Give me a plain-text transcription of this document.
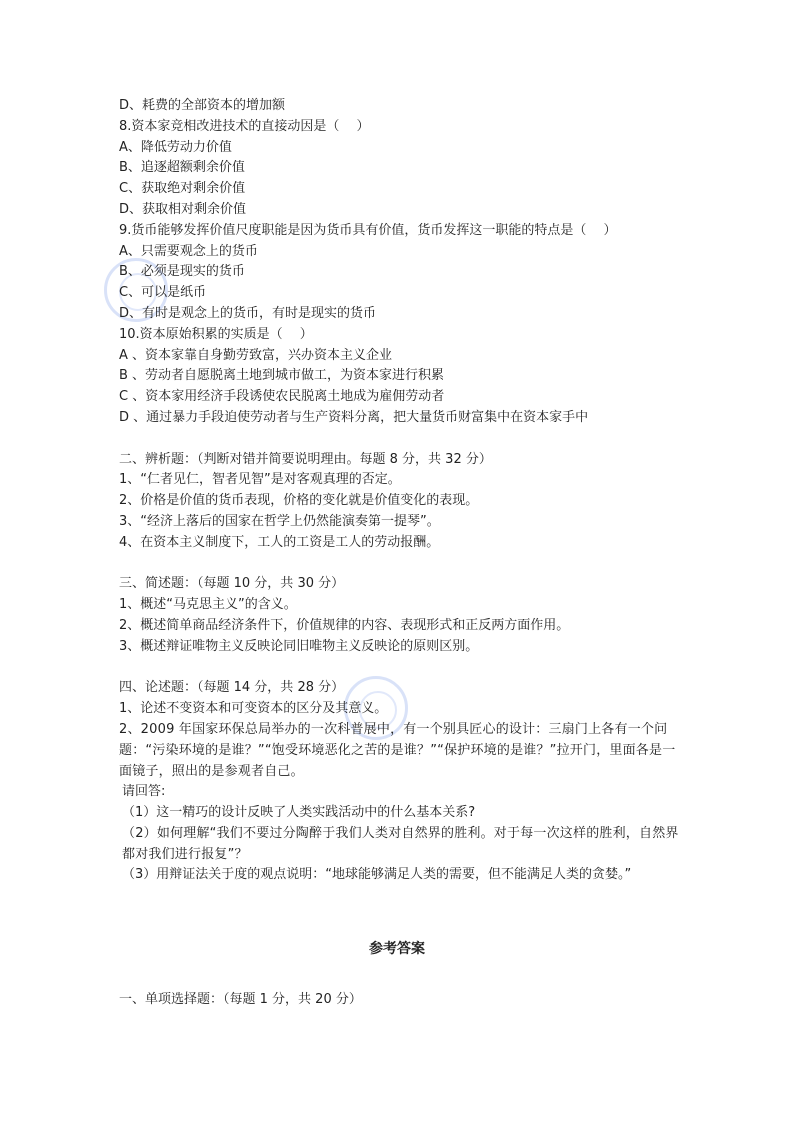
D、耗费的全部资本的增加额
8.资本家竞相改进技术的直接动因是（　 ）
A、降低劳动力价值
B、追逐超额剩余价值
C、获取绝对剩余价值
D、获取相对剩余价值
9.货币能够发挥价值尺度职能是因为货币具有价值，货币发挥这一职能的特点是（　 ）
A、只需要观念上的货币
B、必须是现实的货币
C、可以是纸币
D、有时是观念上的货币，有时是现实的货币
10.资本原始积累的实质是（　 ）
A 、资本家靠自身勤劳致富，兴办资本主义企业
B 、劳动者自愿脱离土地到城市做工，为资本家进行积累
C 、资本家用经济手段诱使农民脱离土地成为雇佣劳动者
D 、通过暴力手段迫使劳动者与生产资料分离，把大量货币财富集中在资本家手中
二、辨析题：（判断对错并简要说明理由。每题 8 分，共 32 分）
1、“仁者见仁，智者见智”是对客观真理的否定。
2、价格是价值的货币表现，价格的变化就是价值变化的表现。
3、“经济上落后的国家在哲学上仍然能演奏第一提琴”。
4、在资本主义制度下，工人的工资是工人的劳动报酬。
三、简述题：（每题 10 分，共 30 分）
1、概述“马克思主义”的含义。
2、概述简单商品经济条件下，价值规律的内容、表现形式和正反两方面作用。
3、概述辩证唯物主义反映论同旧唯物主义反映论的原则区别。
四、论述题：（每题 14 分，共 28 分）
1、论述不变资本和可变资本的区分及其意义。
2、2009 年国家环保总局举办的一次科普展中，有一个别具匠心的设计：三扇门上各有一个问题：“污染环境的是谁？”“饱受环境恶化之苦的是谁？”“保护环境的是谁？”拉开门，里面各是一面镜子，照出的是参观者自己。
请回答:
（1）这一精巧的设计反映了人类实践活动中的什么基本关系?
（2）如何理解“我们不要过分陶醉于我们人类对自然界的胜利。对于每一次这样的胜利，自然界都对我们进行报复”？
（3）用辩证法关于度的观点说明：“地球能够满足人类的需要，但不能满足人类的贪婪。”
参考答案
一、单项选择题：（每题 1 分，共 20 分）
